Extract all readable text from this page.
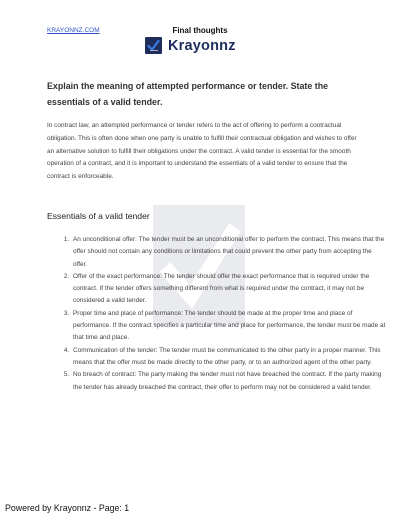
KRAYONNZ.COM	Final thoughts
Krayonnz
Explain the meaning of attempted performance or tender. State the essentials of a valid tender.
In contract law, an attempted performance or tender refers to the act of offering to perform a contractual obligation. This is often done when one party is unable to fulfill their contractual obligation and wishes to offer an alternative solution to fulfill their obligations under the contract. A valid tender is essential for the smooth operation of a contract, and it is important to understand the essentials of a valid tender to ensure that the contract is enforceable.
Essentials of a valid tender
1. An unconditional offer: The tender must be an unconditional offer to perform the contract. This means that the offer should not contain any conditions or limitations that could prevent the other party from accepting the offer.
2. Offer of the exact performance: The tender should offer the exact performance that is required under the contract. If the tender offers something different from what is required under the contract, it may not be considered a valid tender.
3. Proper time and place of performance: The tender should be made at the proper time and place of performance. If the contract specifies a particular time and place for performance, the tender must be made at that time and place.
4. Communication of the tender: The tender must be communicated to the other party in a proper manner. This means that the offer must be made directly to the other party, or to an authorized agent of the other party.
5. No breach of contract: The party making the tender must not have breached the contract. If the party making the tender has already breached the contract, their offer to perform may not be considered a valid tender.
Powered by Krayonnz - Page: 1
